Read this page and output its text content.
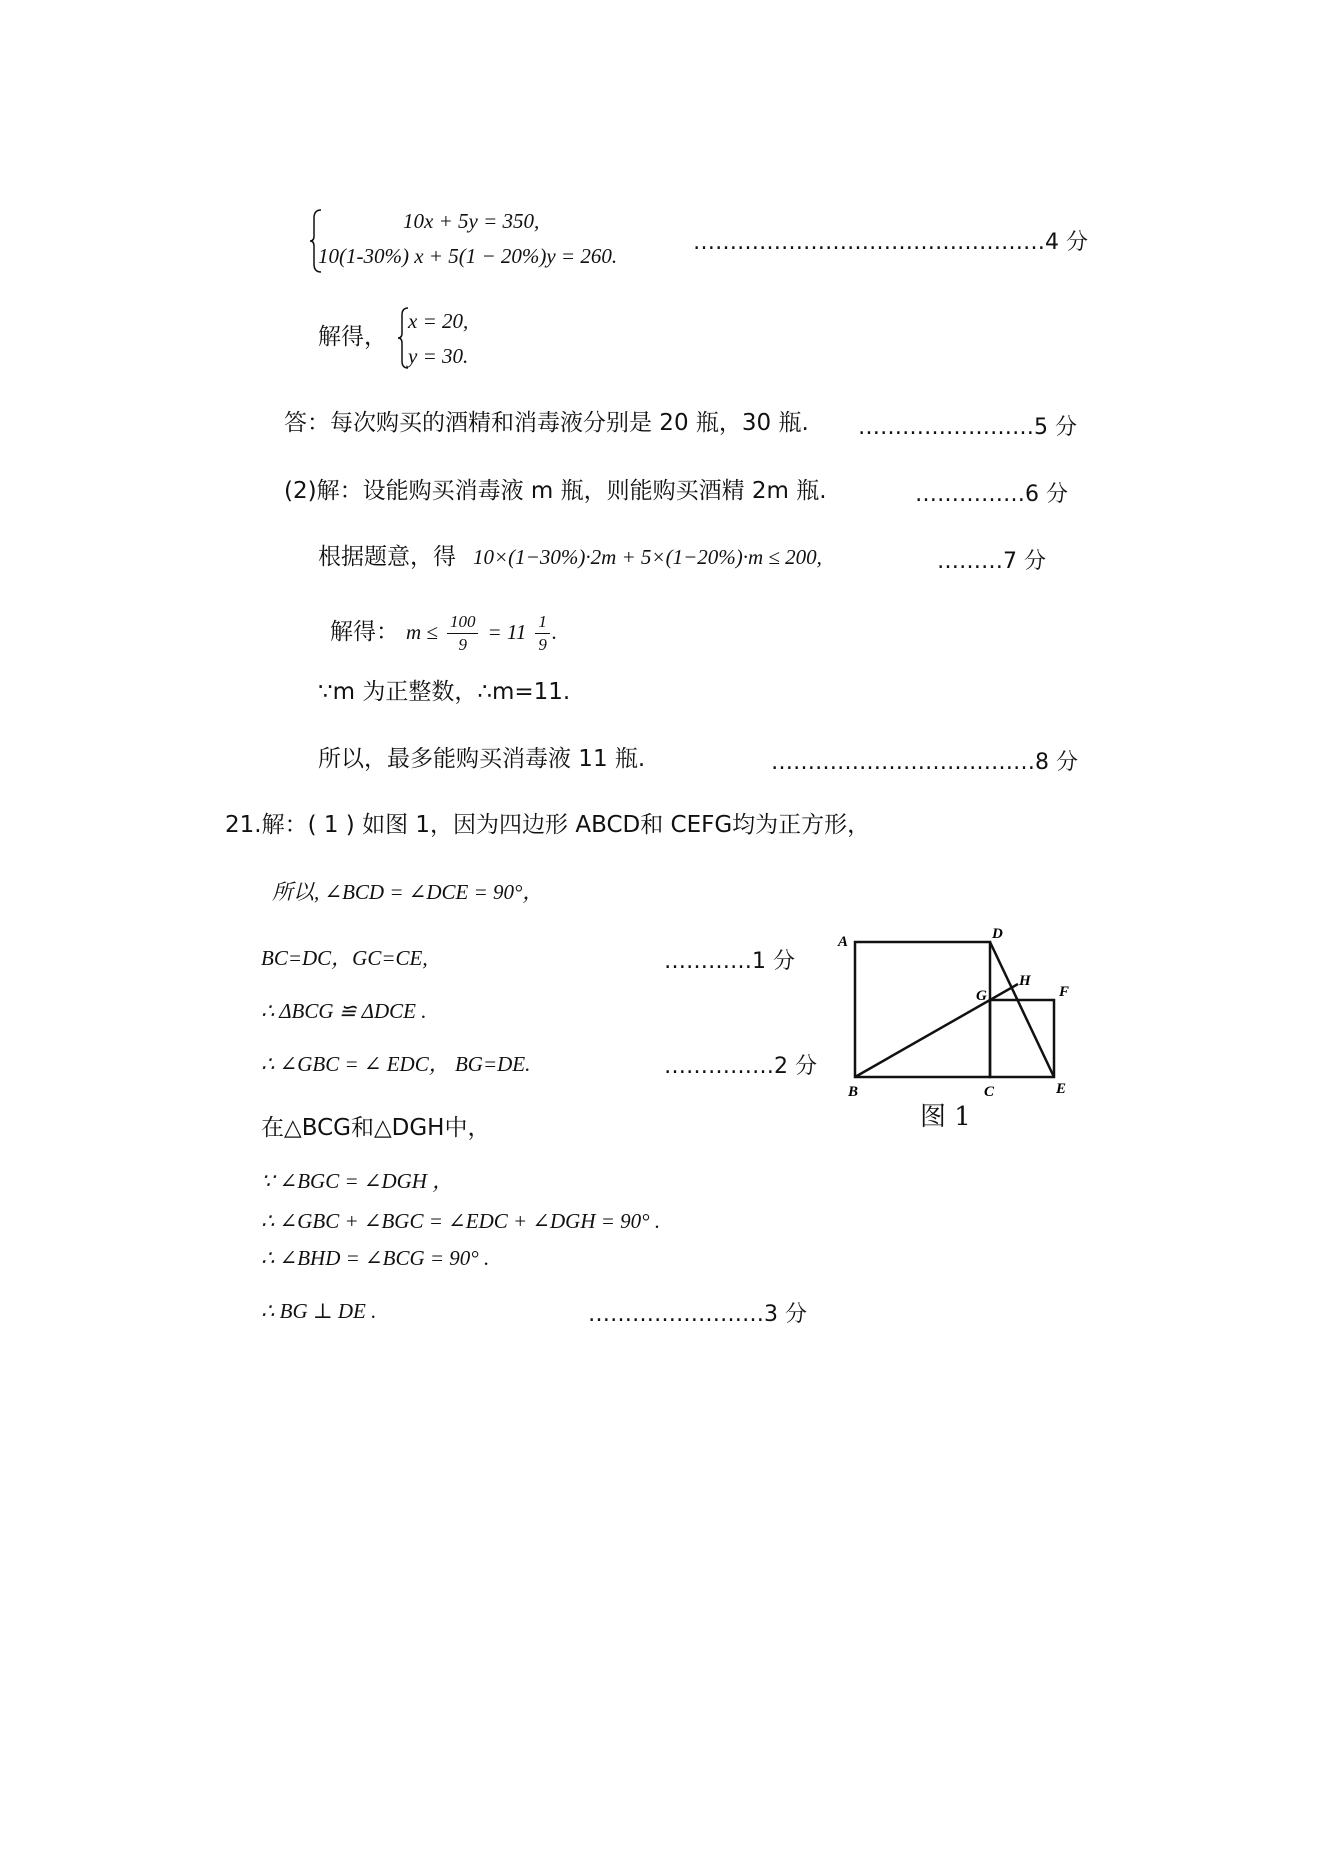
10x + 5y = 350,
10(1-30%) x + 5(1 − 20%)y = 260.
…………………………………………4 分
解得，
x = 20,
y = 30.
答：每次购买的酒精和消毒液分别是 20 瓶，30 瓶. ……………………5 分
(2)解：设能购买消毒液 m 瓶，则能购买酒精 2m 瓶.	……………6 分
根据题意，得 10×(1−30%)·2m + 5×(1−20%)·m ≤ 200,	………7 分
解得： $m \le \frac{100}{9} = 11 \frac{1}{9}$ .
∵m 为正整数，∴m=11.
所以，最多能购买消毒液 11 瓶.	………………………………8 分
21.解：( 1 ) 如图 1，因为四边形 ABCD和 CEFG均为正方形，
所以, ∠BCD = ∠DCE = 90°，
BC=DC，GC=CE,	…………1 分
∴ ΔBCG ≌ ΔDCE .
∴ ∠GBC = ∠ EDC， BG=DE.	……………2 分
在△BCG和△DGH中，
∵ ∠BGC = ∠DGH ，
∴ ∠GBC + ∠BGC = ∠EDC + ∠DGH = 90° .
∴ ∠BHD = ∠BCG = 90° .
∴ BG ⊥ DE .	……………………3 分
A	D
H
F
G
B	C	E
图 1
